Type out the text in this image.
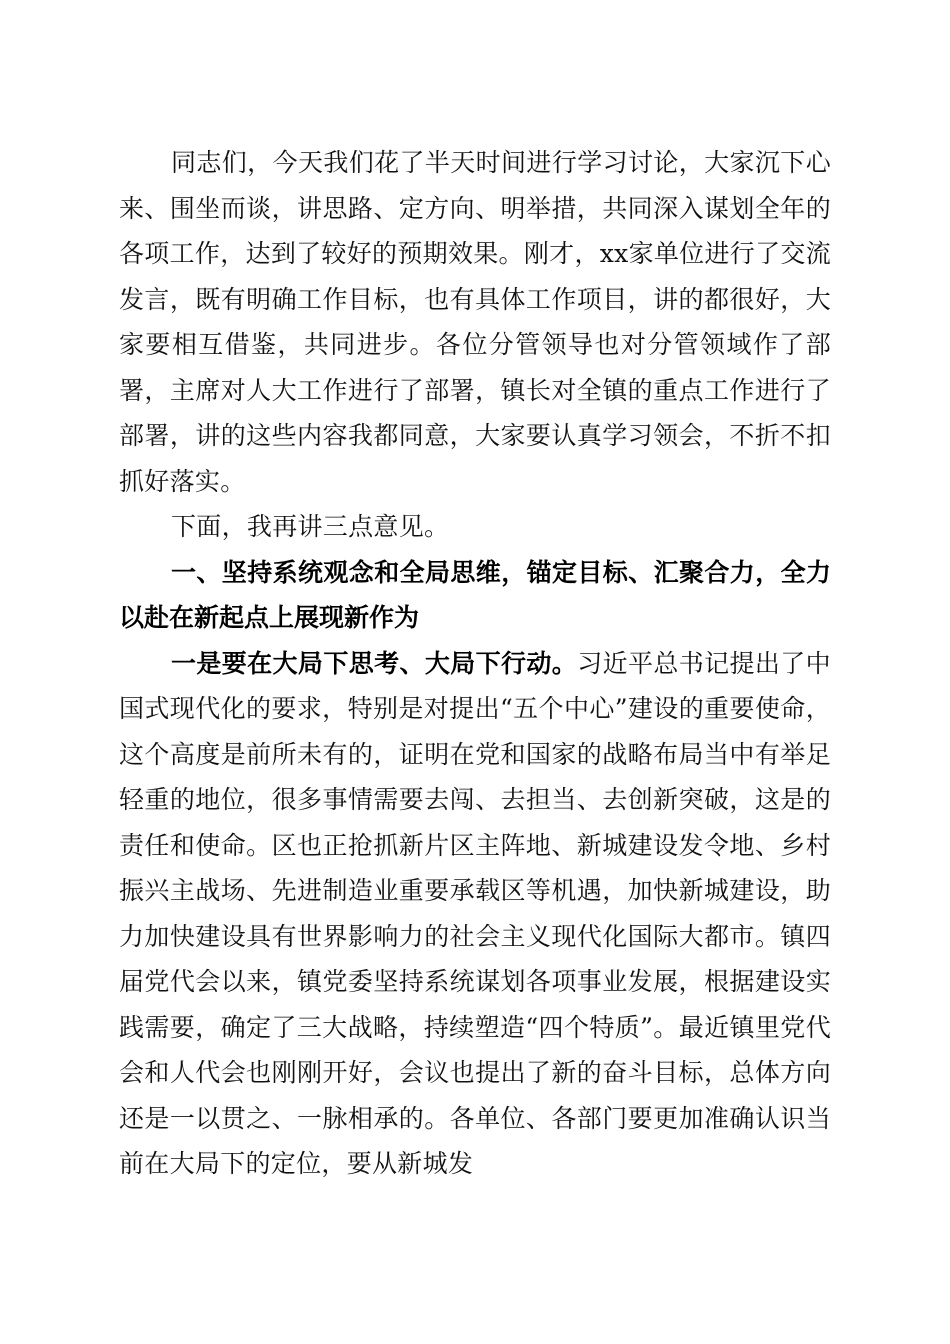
同志们，今天我们花了半天时间进行学习讨论，大家沉下心来、围坐而谈，讲思路、定方向、明举措，共同深入谋划全年的各项工作，达到了较好的预期效果。刚才，xx家单位进行了交流发言，既有明确工作目标，也有具体工作项目，讲的都很好，大家要相互借鉴，共同进步。各位分管领导也对分管领域作了部署，主席对人大工作进行了部署，镇长对全镇的重点工作进行了部署，讲的这些内容我都同意，大家要认真学习领会，不折不扣抓好落实。

下面，我再讲三点意见。

一、坚持系统观念和全局思维，锚定目标、汇聚合力，全力以赴在新起点上展现新作为

一是要在大局下思考、大局下行动。习近平总书记提出了中国式现代化的要求，特别是对提出“五个中心”建设的重要使命，这个高度是前所未有的，证明在党和国家的战略布局当中有举足轻重的地位，很多事情需要去闯、去担当、去创新突破，这是的责任和使命。区也正抢抓新片区主阵地、新城建设发令地、乡村振兴主战场、先进制造业重要承载区等机遇，加快新城建设，助力加快建设具有世界影响力的社会主义现代化国际大都市。镇四届党代会以来，镇党委坚持系统谋划各项事业发展，根据建设实践需要，确定了三大战略，持续塑造“四个特质”。最近镇里党代会和人代会也刚刚开好，会议也提出了新的奋斗目标，总体方向还是一以贯之、一脉相承的。各单位、各部门要更加准确认识当前在大局下的定位，要从新城发
